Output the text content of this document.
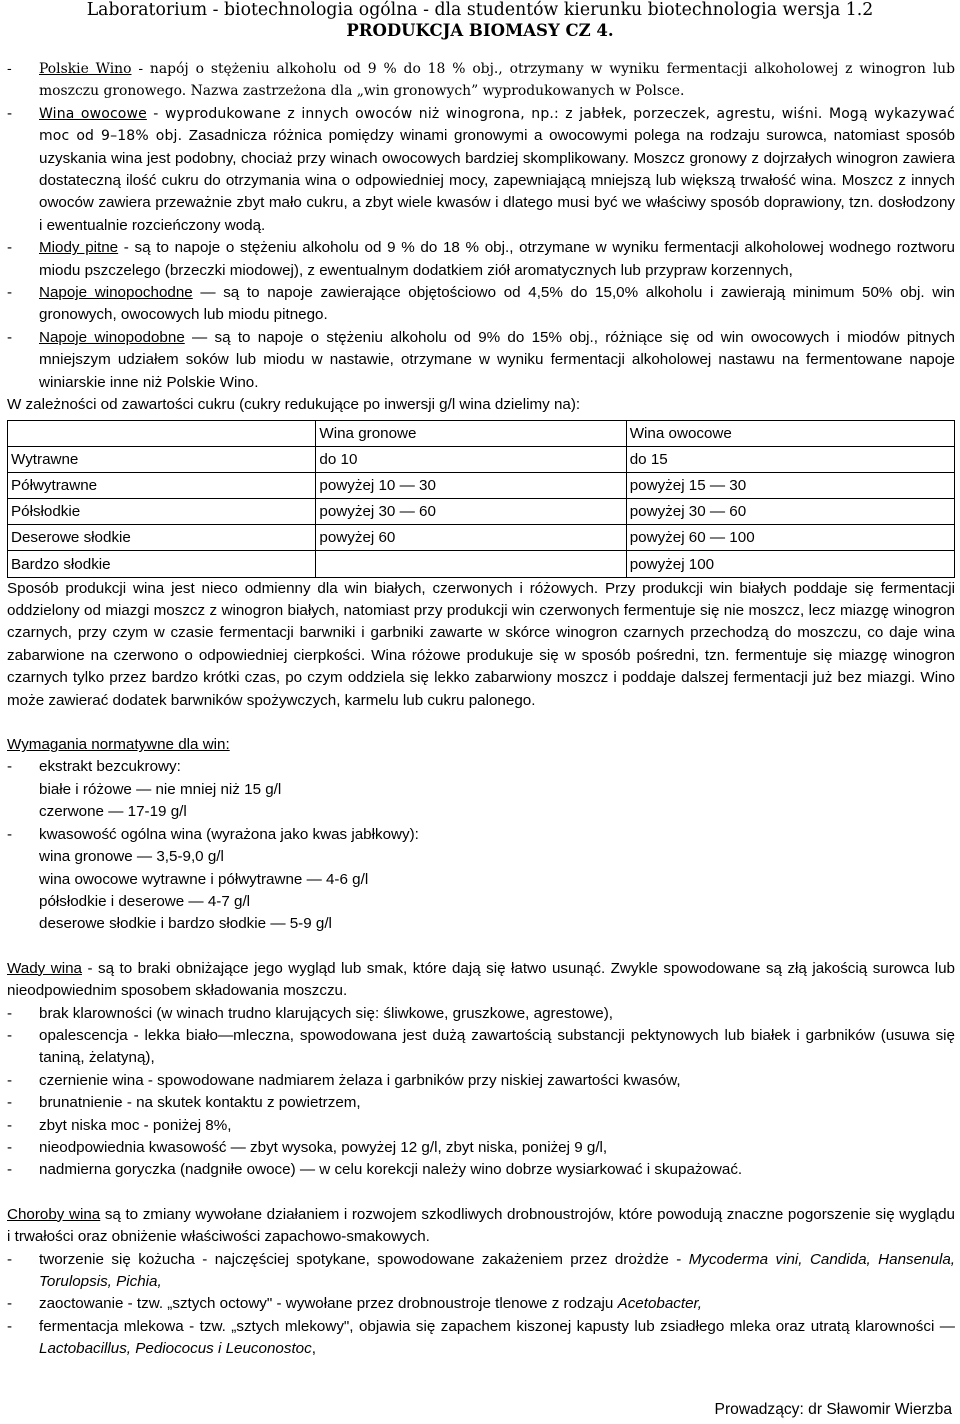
Laboratorium - biotechnologia ogólna - dla studentów kierunku biotechnologia wersja 1.2
PRODUKCJA BIOMASY CZ 4.
- Polskie Wino - napój o stężeniu alkoholu od 9 % do 18 % obj., otrzymany w wyniku fermentacji alkoholowej z winogron lub moszczu gronowego. Nazwa zastrzeżona dla „win gronowych” wyprodukowanych w Polsce.
- Wina owocowe - wyprodukowane z innych owoców niż winogrona, np.: z jabłek, porzeczek, agrestu, wiśni. Mogą wykazywać moc od 9–18% obj. Zasadnicza różnica pomiędzy winami gronowymi a owocowymi polega na rodzaju surowca, natomiast sposób uzyskania wina jest podobny, chociaż przy winach owocowych bardziej skomplikowany. Moszcz gronowy z dojrzałych winogron zawiera dostateczną ilość cukru do otrzymania wina o odpowiedniej mocy, zapewniającą mniejszą lub większą trwałość wina. Moszcz z innych owoców zawiera przeważnie zbyt mało cukru, a zbyt wiele kwasów i dlatego musi być we właściwy sposób doprawiony, tzn. dosłodzony i ewentualnie rozcieńczony wodą.
- Miody pitne - są to napoje o stężeniu alkoholu od 9 % do 18 % obj., otrzymane w wyniku fermentacji alkoholowej wodnego roztworu miodu pszczelego (brzeczki miodowej), z ewentualnym dodatkiem ziół aromatycznych lub przypraw korzennych,
- Napoje winopochodne — są to napoje zawierające objętościowo od 4,5% do 15,0% alkoholu i zawierają minimum 50% obj. win gronowych, owocowych lub miodu pitnego.
- Napoje winopodobne — są to napoje o stężeniu alkoholu od 9% do 15% obj., różniące się od win owocowych i miodów pitnych mniejszym udziałem soków lub miodu w nastawie, otrzymane w wyniku fermentacji alkoholowej nastawu na fermentowane napoje winiarskie inne niż Polskie Wino.

W zależności od zawartości cukru (cukry redukujące po inwersji g/l wina dzielimy na):

	Wina gronowe	Wina owocowe
Wytrawne	do 10	do 15
Półwytrawne	powyżej 10 — 30	powyżej 15 — 30
Półsłodkie	powyżej 30 — 60	powyżej 30 — 60
Deserowe słodkie	powyżej 60	powyżej 60 — 100
Bardzo słodkie		powyżej 100

Sposób produkcji wina jest nieco odmienny dla win białych, czerwonych i różowych. Przy produkcji win białych poddaje się fermentacji oddzielony od miazgi moszcz z winogron białych, natomiast przy produkcji win czerwonych fermentuje się nie moszcz, lecz miazgę winogron czarnych, przy czym w czasie fermentacji barwniki i garbniki zawarte w skórce winogron czarnych przechodzą do moszczu, co daje wina zabarwione na czerwono o odpowiedniej cierpkości. Wina różowe produkuje się w sposób pośredni, tzn. fermentuje się miazgę winogron czarnych tylko przez bardzo krótki czas, po czym oddziela się lekko zabarwiony moszcz i poddaje dalszej fermentacji już bez miazgi. Wino może zawierać dodatek barwników spożywczych, karmelu lub cukru palonego.

Wymagania normatywne dla win:
- ekstrakt bezcukrowy:
białe i różowe — nie mniej niż 15 g/l
czerwone — 17-19 g/l
- kwasowość ogólna wina (wyrażona jako kwas jabłkowy):
wina gronowe — 3,5-9,0 g/l
wina owocowe wytrawne i półwytrawne — 4-6 g/l
półsłodkie i deserowe — 4-7 g/l
deserowe słodkie i bardzo słodkie — 5-9 g/l

Wady wina - są to braki obniżające jego wygląd lub smak, które dają się łatwo usunąć. Zwykle spowodowane są złą jakością surowca lub nieodpowiednim sposobem składowania moszczu.

- brak klarowności (w winach trudno klarujących się: śliwkowe, gruszkowe, agrestowe),
- opalescencja - lekka biało—mleczna, spowodowana jest dużą zawartością substancji pektynowych lub białek i garbników (usuwa się taniną, żelatyną),
- czernienie wina - spowodowane nadmiarem żelaza i garbników przy niskiej zawartości kwasów,
- brunatnienie - na skutek kontaktu z powietrzem,
- zbyt niska moc - poniżej 8%,
- nieodpowiednia kwasowość — zbyt wysoka, powyżej 12 g/l, zbyt niska, poniżej 9 g/l,
- nadmierna goryczka (nadgniłe owoce) — w celu korekcji należy wino dobrze wysiarkować i skupażować.

Choroby wina są to zmiany wywołane działaniem i rozwojem szkodliwych drobnoustrojów, które powodują znaczne pogorszenie się wyglądu i trwałości oraz obniżenie właściwości zapachowo-smakowych.

- tworzenie się kożucha - najczęściej spotykane, spowodowane zakażeniem przez drożdże - Mycoderma vini, Candida, Hansenula, Torulopsis, Pichia,
- zaoctowanie - tzw. „sztych octowy" - wywołane przez drobnoustroje tlenowe z rodzaju Acetobacter,
- fermentacja mlekowa - tzw. „sztych mlekowy", objawia się zapachem kiszonej kapusty lub zsiadłego mleka oraz utratą klarowności — Lactobacillus, Pediococus i Leuconostoc,
Prowadzący: dr Sławomir Wierzba
